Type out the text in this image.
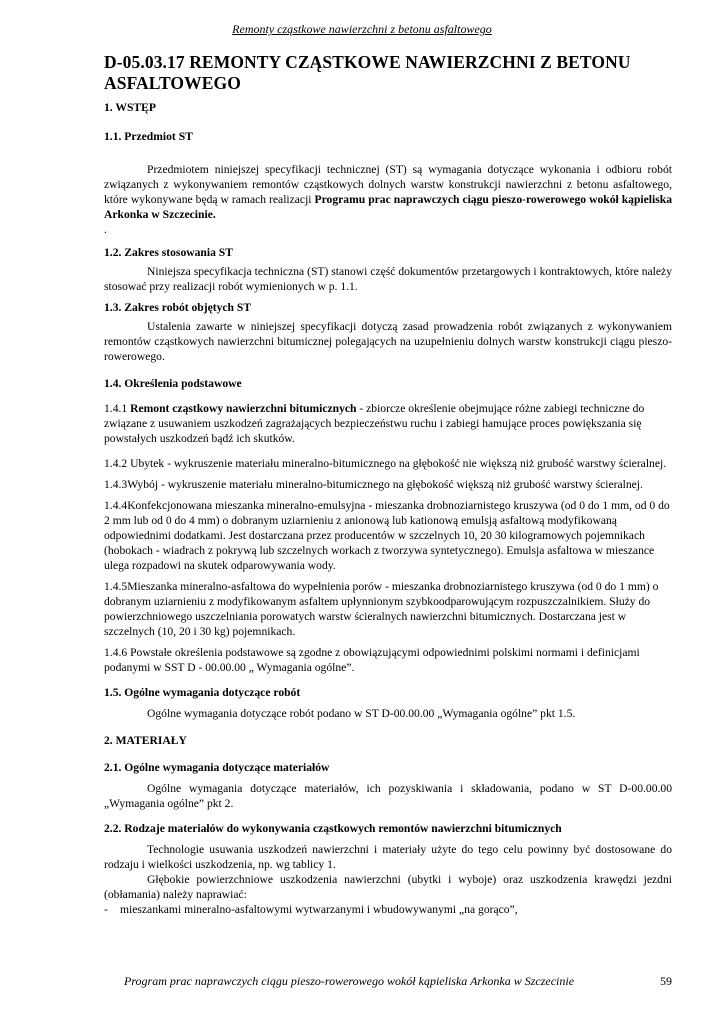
Remonty cząstkowe nawierzchni z betonu asfaltowego
D-05.03.17 REMONTY CZĄSTKOWE NAWIERZCHNI Z BETONU
ASFALTOWEGO

1. WSTĘP

1.1. Przedmiot ST

Przedmiotem niniejszej specyfikacji technicznej (ST) są wymagania dotyczące wykonania i odbioru robót związanych z wykonywaniem remontów cząstkowych dolnych warstw konstrukcji nawierzchni z betonu asfaltowego, które wykonywane będą w ramach realizacji Programu prac naprawczych ciągu pieszo-rowerowego wokół kąpieliska Arkonka w Szczecinie.

.

1.2. Zakres stosowania ST

Niniejsza specyfikacja techniczna (ST) stanowi część dokumentów przetargowych i kontraktowych, które należy stosować przy realizacji robót wymienionych w p. 1.1.

1.3. Zakres robót objętych ST

Ustalenia zawarte w niniejszej specyfikacji dotyczą zasad prowadzenia robót związanych z wykonywaniem remontów cząstkowych nawierzchni bitumicznej polegających na uzupełnieniu dolnych warstw konstrukcji ciągu pieszo-rowerowego.

1.4. Określenia podstawowe

1.4.1 Remont cząstkowy nawierzchni bitumicznych - zbiorcze określenie obejmujące różne zabiegi techniczne do związane z usuwaniem uszkodzeń zagrażających bezpieczeństwu ruchu i zabiegi hamujące proces powiększania się powstałych uszkodzeń bądź ich skutków.

1.4.2 Ubytek - wykruszenie materiału mineralno-bitumicznego na głębokość nie większą niż grubość warstwy ścieralnej.

1.4.3Wybój - wykruszenie materiału mineralno-bitumicznego na głębokość większą niż grubość warstwy ścieralnej.

1.4.4Konfekcjonowana mieszanka mineralno-emulsyjna - mieszanka drobnoziarnistego kruszywa (od 0 do 1 mm, od 0 do 2 mm lub od 0 do 4 mm) o dobranym uziarnieniu z anionową lub kationową emulsją asfaltową modyfikowaną odpowiednimi dodatkami. Jest dostarczana przez producentów w szczelnych 10, 20 30 kilogramowych pojemnikach (hobokach - wiadrach z pokrywą lub szczelnych workach z tworzywa syntetycznego). Emulsja asfaltowa w mieszance ulega rozpadowi na skutek odparowywania wody.

1.4.5Mieszanka mineralno-asfaltowa do wypełnienia porów - mieszanka drobnoziarnistego kruszywa (od 0 do 1 mm) o dobranym uziarnieniu z modyfikowanym asfaltem upłynnionym szybkoodparowującym rozpuszczalnikiem. Służy do powierzchniowego uszczelniania porowatych warstw ścieralnych nawierzchni bitumicznych. Dostarczana jest w szczelnych (10, 20 i 30 kg) pojemnikach.

1.4.6 Powstałe określenia podstawowe są zgodne z obowiązującymi odpowiednimi polskimi normami i definicjami podanymi w SST D - 00.00.00 „ Wymagania ogólne”.

1.5. Ogólne wymagania dotyczące robót

Ogólne wymagania dotyczące robót podano w ST D-00.00.00 „Wymagania ogólne” pkt 1.5.

2. MATERIAŁY

2.1. Ogólne wymagania dotyczące materiałów

Ogólne wymagania dotyczące materiałów, ich pozyskiwania i składowania, podano w ST D-00.00.00 „Wymagania ogólne” pkt 2.

2.2. Rodzaje materiałów do wykonywania cząstkowych remontów nawierzchni bitumicznych

Technologie usuwania uszkodzeń nawierzchni i materiały użyte do tego celu powinny być dostosowane do rodzaju i wielkości uszkodzenia, np. wg tablicy 1.

Głębokie powierzchniowe uszkodzenia nawierzchni (ubytki i wyboje) oraz uszkodzenia krawędzi jezdni (obłamania) należy naprawiać:

-	mieszankami mineralno-asfaltowymi wytwarzanymi i wbudowywanymi „na gorąco”,
Program prac naprawczych ciągu pieszo-rowerowego wokół kąpieliska Arkonka w Szczecinie	59
